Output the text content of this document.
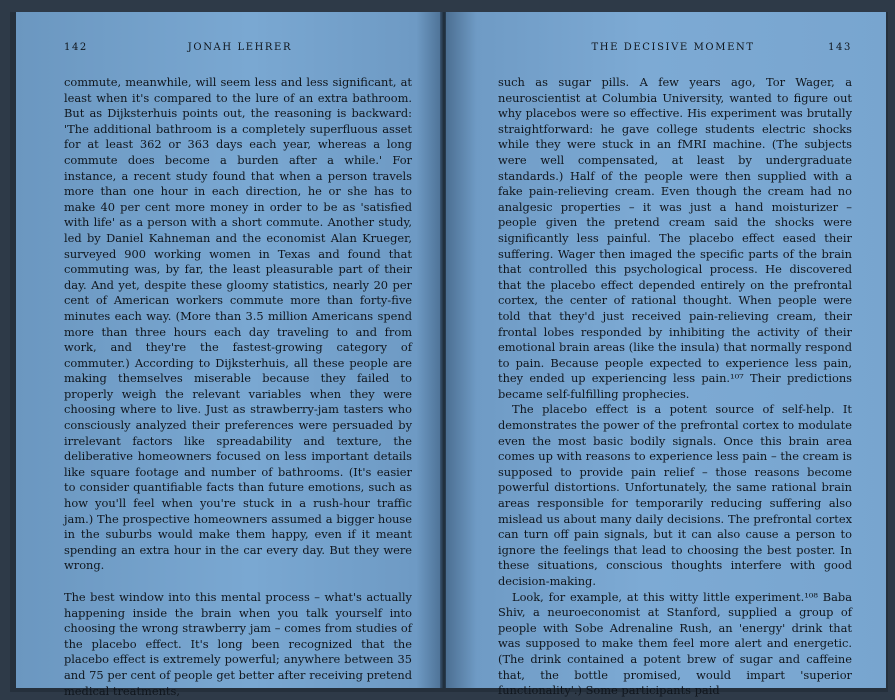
142	JONAH LEHRER

commute, meanwhile, will seem less and less significant, at least when it's compared to the lure of an extra bathroom. But as Dijksterhuis points out, the reasoning is backward: 'The additional bathroom is a completely superfluous asset for at least 362 or 363 days each year, whereas a long commute does become a burden after a while.' For instance, a recent study found that when a person travels more than one hour in each direction, he or she has to make 40 per cent more money in order to be as 'satisfied with life' as a person with a short commute. Another study, led by Daniel Kahneman and the economist Alan Krueger, surveyed 900 working women in Texas and found that commuting was, by far, the least pleasurable part of their day. And yet, despite these gloomy statistics, nearly 20 per cent of American workers commute more than forty-five minutes each way. (More than 3.5 million Americans spend more than three hours each day traveling to and from work, and they're the fastest-growing category of commuter.) According to Dijksterhuis, all these people are making themselves miserable because they failed to properly weigh the relevant variables when they were choosing where to live. Just as strawberry-jam tasters who consciously analyzed their preferences were persuaded by irrelevant factors like spreadability and texture, the deliberative homeowners focused on less important details like square footage and number of bathrooms. (It's easier to consider quantifiable facts than future emotions, such as how you'll feel when you're stuck in a rush-hour traffic jam.) The prospective homeowners assumed a bigger house in the suburbs would make them happy, even if it meant spending an extra hour in the car every day. But they were wrong.

The best window into this mental process – what's actually happening inside the brain when you talk yourself into choosing the wrong strawberry jam – comes from studies of the placebo effect. It's long been recognized that the placebo effect is extremely powerful; anywhere between 35 and 75 per cent of people get better after receiving pretend medical treatments,

THE DECISIVE MOMENT	143

such as sugar pills. A few years ago, Tor Wager, a neuroscientist at Columbia University, wanted to figure out why placebos were so effective. His experiment was brutally straightforward: he gave college students electric shocks while they were stuck in an fMRI machine. (The subjects were well compensated, at least by undergraduate standards.) Half of the people were then supplied with a fake pain-relieving cream. Even though the cream had no analgesic properties – it was just a hand moisturizer – people given the pretend cream said the shocks were significantly less painful. The placebo effect eased their suffering. Wager then imaged the specific parts of the brain that controlled this psychological process. He discovered that the placebo effect depended entirely on the prefrontal cortex, the center of rational thought. When people were told that they'd just received pain-relieving cream, their frontal lobes responded by inhibiting the activity of their emotional brain areas (like the insula) that normally respond to pain. Because people expected to experience less pain, they ended up experiencing less pain.¹⁰⁷ Their predictions became self-fulfilling prophecies.

The placebo effect is a potent source of self-help. It demonstrates the power of the prefrontal cortex to modulate even the most basic bodily signals. Once this brain area comes up with reasons to experience less pain – the cream is supposed to provide pain relief – those reasons become powerful distortions. Unfortunately, the same rational brain areas responsible for temporarily reducing suffering also mislead us about many daily decisions. The prefrontal cortex can turn off pain signals, but it can also cause a person to ignore the feelings that lead to choosing the best poster. In these situations, conscious thoughts interfere with good decision-making.

Look, for example, at this witty little experiment.¹⁰⁸ Baba Shiv, a neuroeconomist at Stanford, supplied a group of people with Sobe Adrenaline Rush, an 'energy' drink that was supposed to make them feel more alert and energetic. (The drink contained a potent brew of sugar and caffeine that, the bottle promised, would impart 'superior functionality'.) Some participants paid
